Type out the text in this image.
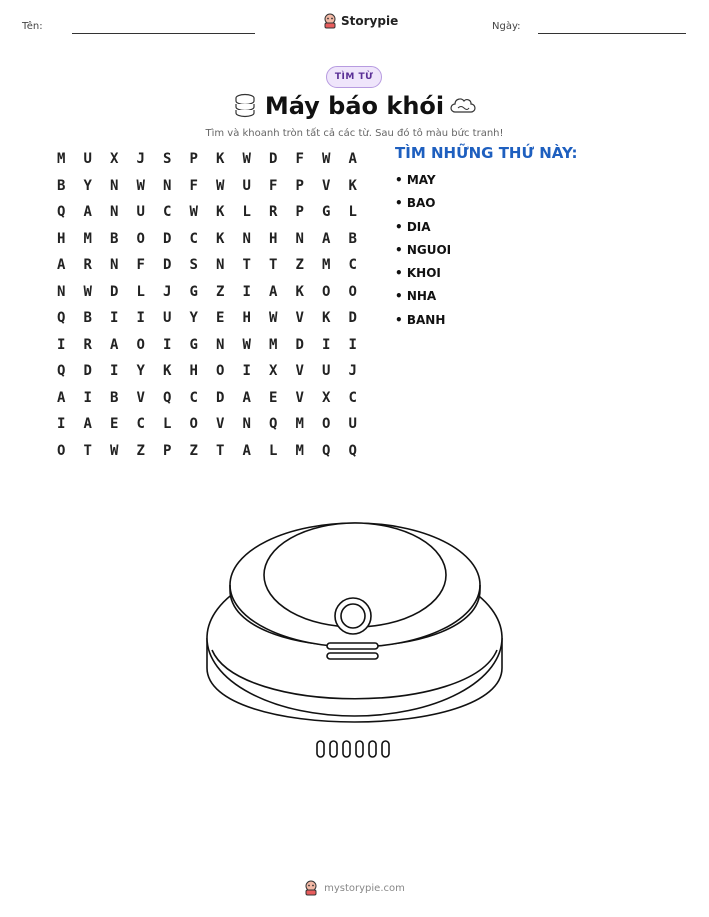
Tên:	Storypie	Ngày:
TÌM TỪ
Máy báo khói
Tìm và khoanh tròn tất cả các từ. Sau đó tô màu bức tranh!
M	U	X	J	S	P	K	W	D	F	W	A
B	Y	N	W	N	F	W	U	F	P	V	K
Q	A	N	U	C	W	K	L	R	P	G	L
H	M	B	O	D	C	K	N	H	N	A	B
A	R	N	F	D	S	N	T	T	Z	M	C
N	W	D	L	J	G	Z	I	A	K	O	O
Q	B	I	I	U	Y	E	H	W	V	K	D
I	R	A	O	I	G	N	W	M	D	I	I
Q	D	I	Y	K	H	O	I	X	V	U	J
A	I	B	V	Q	C	D	A	E	V	X	C
I	A	E	C	L	O	V	N	Q	M	O	U
O	T	W	Z	P	Z	T	A	L	M	Q	Q
TÌM NHỮNG THỨ NÀY:
• MAY
• BAO
• DIA
• NGUOI
• KHOI
• NHA
• BANH
mystorypie.com
